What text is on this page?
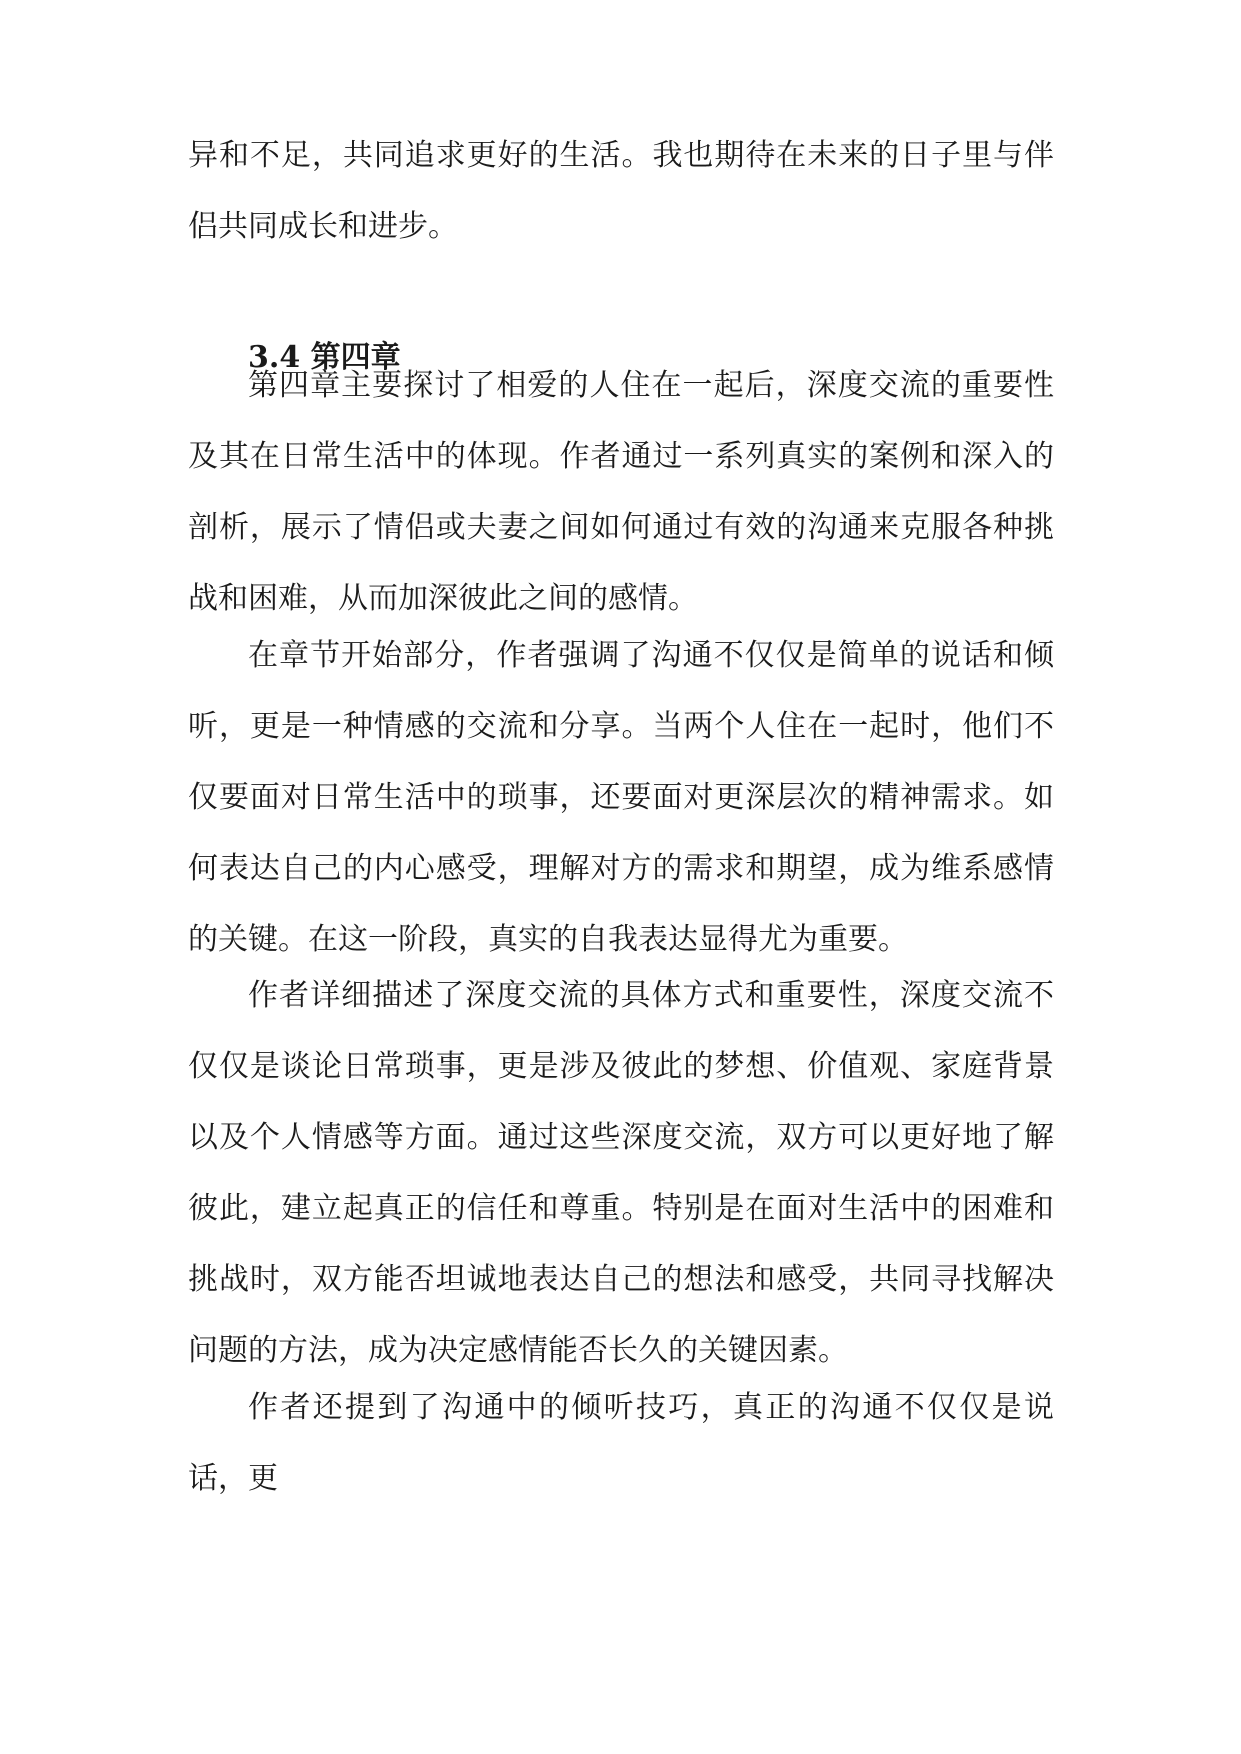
异和不足，共同追求更好的生活。我也期待在未来的日子里与伴侣共同成长和进步。

3.4 第四章

第四章主要探讨了相爱的人住在一起后，深度交流的重要性及其在日常生活中的体现。作者通过一系列真实的案例和深入的剖析，展示了情侣或夫妻之间如何通过有效的沟通来克服各种挑战和困难，从而加深彼此之间的感情。

在章节开始部分，作者强调了沟通不仅仅是简单的说话和倾听，更是一种情感的交流和分享。当两个人住在一起时，他们不仅要面对日常生活中的琐事，还要面对更深层次的精神需求。如何表达自己的内心感受，理解对方的需求和期望，成为维系感情的关键。在这一阶段，真实的自我表达显得尤为重要。

作者详细描述了深度交流的具体方式和重要性，深度交流不仅仅是谈论日常琐事，更是涉及彼此的梦想、价值观、家庭背景以及个人情感等方面。通过这些深度交流，双方可以更好地了解彼此，建立起真正的信任和尊重。特别是在面对生活中的困难和挑战时，双方能否坦诚地表达自己的想法和感受，共同寻找解决问题的方法，成为决定感情能否长久的关键因素。

作者还提到了沟通中的倾听技巧，真正的沟通不仅仅是说话，更
